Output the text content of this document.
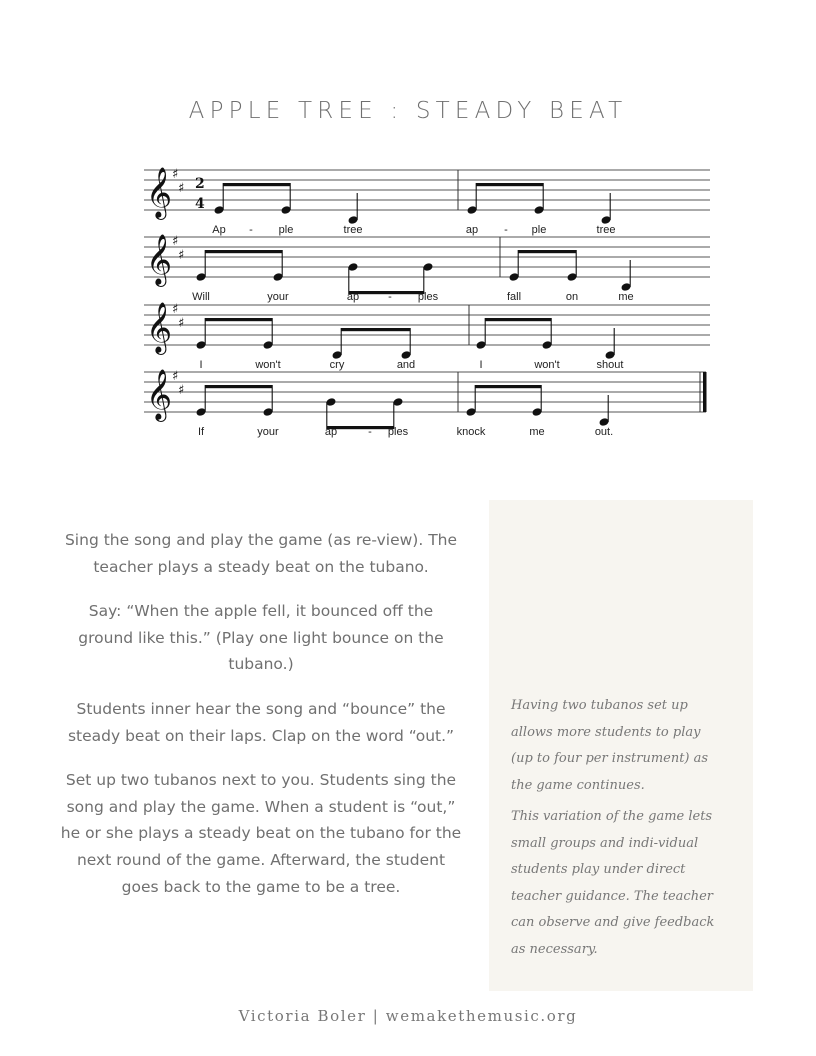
APPLE TREE : STEADY BEAT
𝄞 ♯
♯ 2
4
Ap - ple	tree	ap - ple	tree
𝄞 ♯
♯
Will	your	ap	- ples	fall	on	me
𝄞 ♯
♯
I	won't	cry	and	I	won't	shout
𝄞 ♯
♯
If	your	ap	- ples	knock	me	out.

Sing the song and play the game (as re-view). The teacher plays a steady beat on the tubano.

Say: “When the apple fell, it bounced off the ground like this.” (Play one light bounce on the tubano.)

Students inner hear the song and “bounce” the steady beat on their laps. Clap on the word “out.”

Set up two tubanos next to you. Students sing the song and play the game. When a student is “out,” he or she plays a steady beat on the tubano for the next round of the game. Afterward, the student goes back to the game to be a tree.

Having two tubanos set up allows more students to play (up to four per instrument) as the game continues.

This variation of the game lets small groups and indi-vidual students play under direct teacher guidance. The teacher can observe and give feedback as necessary.

Victoria Boler | wemakethemusic.org
